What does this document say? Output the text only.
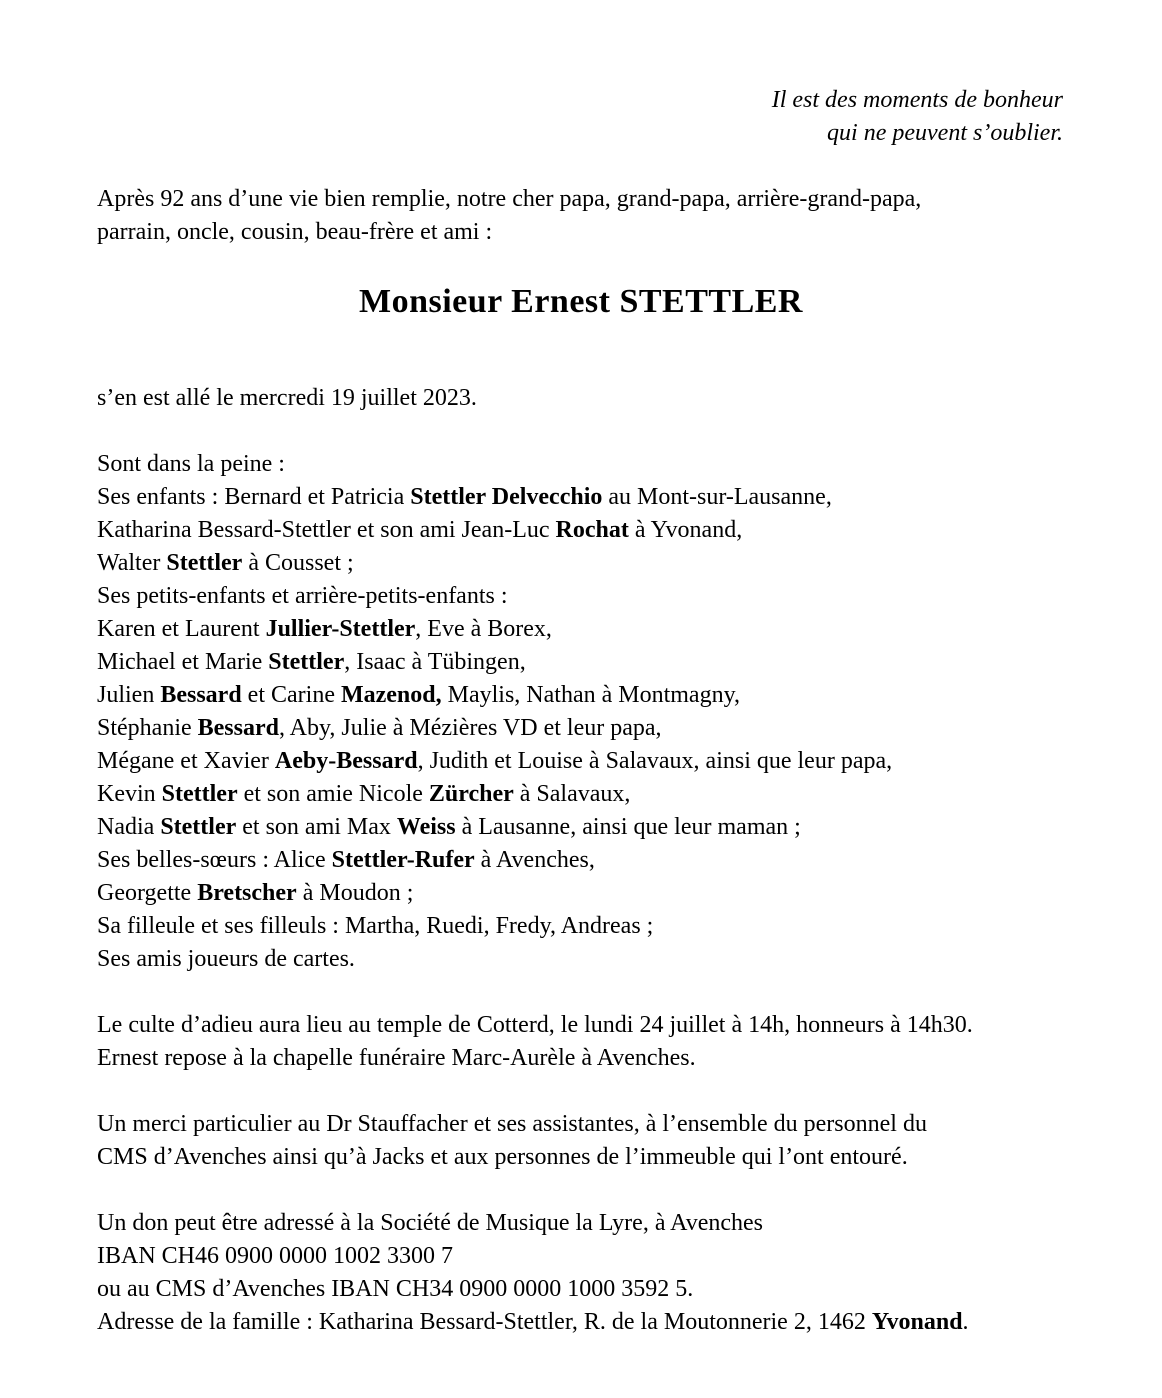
Il est des moments de bonheur
qui ne peuvent s’oublier.
Après 92 ans d’une vie bien remplie, notre cher papa, grand-papa, arrière-grand-papa,
parrain, oncle, cousin, beau-frère et ami :
Monsieur Ernest STETTLER
s’en est allé le mercredi 19 juillet 2023.
Sont dans la peine :
Ses enfants : Bernard et Patricia Stettler Delvecchio au Mont-sur-Lausanne,
Katharina Bessard-Stettler et son ami Jean-Luc Rochat à Yvonand,
Walter Stettler à Cousset ;
Ses petits-enfants et arrière-petits-enfants :
Karen et Laurent Jullier-Stettler, Eve à Borex,
Michael et Marie Stettler, Isaac à Tübingen,
Julien Bessard et Carine Mazenod, Maylis, Nathan à Montmagny,
Stéphanie Bessard, Aby, Julie à Mézières VD et leur papa,
Mégane et Xavier Aeby-Bessard, Judith et Louise à Salavaux, ainsi que leur papa,
Kevin Stettler et son amie Nicole Zürcher à Salavaux,
Nadia Stettler et son ami Max Weiss à Lausanne, ainsi que leur maman ;
Ses belles-sœurs : Alice Stettler-Rufer à Avenches,
Georgette Bretscher à Moudon ;
Sa filleule et ses filleuls : Martha, Ruedi, Fredy, Andreas ;
Ses amis joueurs de cartes.
Le culte d’adieu aura lieu au temple de Cotterd, le lundi 24 juillet à 14h, honneurs à 14h30.
Ernest repose à la chapelle funéraire Marc-Aurèle à Avenches.
Un merci particulier au Dr Stauffacher et ses assistantes, à l’ensemble du personnel du
CMS d’Avenches ainsi qu’à Jacks et aux personnes de l’immeuble qui l’ont entouré.
Un don peut être adressé à la Société de Musique la Lyre, à Avenches
IBAN CH46 0900 0000 1002 3300 7
ou au CMS d’Avenches IBAN CH34 0900 0000 1000 3592 5.
Adresse de la famille : Katharina Bessard-Stettler, R. de la Moutonnerie 2, 1462 Yvonand.
